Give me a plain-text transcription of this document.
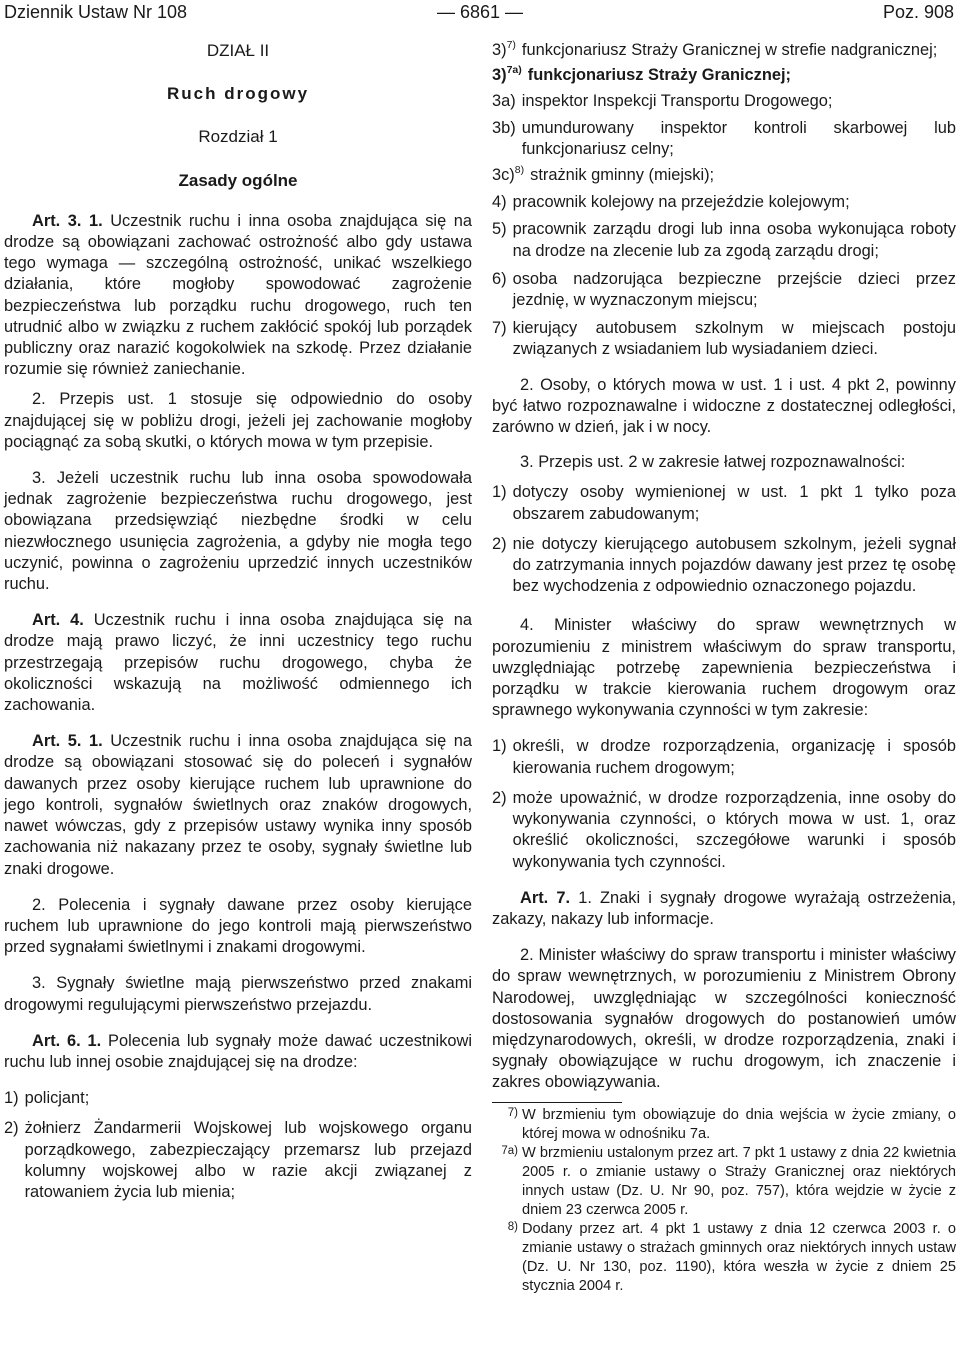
Dziennik Ustaw Nr 108	— 6861 —	Poz. 908

DZIAŁ II

Ruch drogowy

Rozdział 1

Zasady ogólne

Art. 3. 1. Uczestnik ruchu i inna osoba znajdująca się na drodze są obowiązani zachować ostrożność albo gdy ustawa tego wymaga — szczególną ostrożność, unikać wszelkiego działania, które mogłoby spowodować zagrożenie bezpieczeństwa lub porządku ruchu drogowego, ruch ten utrudnić albo w związku z ruchem zakłócić spokój lub porządek publiczny oraz narazić kogokolwiek na szkodę. Przez działanie rozumie się również zaniechanie.

2. Przepis ust. 1 stosuje się odpowiednio do osoby znajdującej się w pobliżu drogi, jeżeli jej zachowanie mogłoby pociągnąć za sobą skutki, o których mowa w tym przepisie.

3. Jeżeli uczestnik ruchu lub inna osoba spowodowała jednak zagrożenie bezpieczeństwa ruchu drogowego, jest obowiązana przedsięwziąć niezbędne środki w celu niezwłocznego usunięcia zagrożenia, a gdyby nie mogła tego uczynić, powinna o zagrożeniu uprzedzić innych uczestników ruchu.

Art. 4. Uczestnik ruchu i inna osoba znajdująca się na drodze mają prawo liczyć, że inni uczestnicy tego ruchu przestrzegają przepisów ruchu drogowego, chyba że okoliczności wskazują na możliwość odmiennego ich zachowania.

Art. 5. 1. Uczestnik ruchu i inna osoba znajdująca się na drodze są obowiązani stosować się do poleceń i sygnałów dawanych przez osoby kierujące ruchem lub uprawnione do jego kontroli, sygnałów świetlnych oraz znaków drogowych, nawet wówczas, gdy z przepisów ustawy wynika inny sposób zachowania niż nakazany przez te osoby, sygnały świetlne lub znaki drogowe.

2. Polecenia i sygnały dawane przez osoby kierujące ruchem lub uprawnione do jego kontroli mają pierwszeństwo przed sygnałami świetlnymi i znakami drogowymi.

3. Sygnały świetlne mają pierwszeństwo przed znakami drogowymi regulującymi pierwszeństwo przejazdu.

Art. 6. 1. Polecenia lub sygnały może dawać uczestnikowi ruchu lub innej osobie znajdującej się na drodze:

1) policjant;
2) żołnierz Żandarmerii Wojskowej lub wojskowego organu porządkowego, zabezpieczający przemarsz lub przejazd kolumny wojskowej albo w razie akcji związanej z ratowaniem życia lub mienia;
3)$^{7)}$ funkcjonariusz Straży Granicznej w strefie nadgranicznej;
3)$^{7a)}$ funkcjonariusz Straży Granicznej;
3a) inspektor Inspekcji Transportu Drogowego;
3b) umundurowany inspektor kontroli skarbowej lub funkcjonariusz celny;
3c)$^{8)}$ strażnik gminny (miejski);
4) pracownik kolejowy na przejeździe kolejowym;
5) pracownik zarządu drogi lub inna osoba wykonująca roboty na drodze na zlecenie lub za zgodą zarządu drogi;
6) osoba nadzorująca bezpieczne przejście dzieci przez jezdnię, w wyznaczonym miejscu;
7) kierujący autobusem szkolnym w miejscach postoju związanych z wsiadaniem lub wysiadaniem dzieci.

2. Osoby, o których mowa w ust. 1 i ust. 4 pkt 2, powinny być łatwo rozpoznawalne i widoczne z dostatecznej odległości, zarówno w dzień, jak i w nocy.

3. Przepis ust. 2 w zakresie łatwej rozpoznawalności:

1) dotyczy osoby wymienionej w ust. 1 pkt 1 tylko poza obszarem zabudowanym;
2) nie dotyczy kierującego autobusem szkolnym, jeżeli sygnał do zatrzymania innych pojazdów dawany jest przez tę osobę bez wychodzenia z odpowiednio oznaczonego pojazdu.

4. Minister właściwy do spraw wewnętrznych w porozumieniu z ministrem właściwym do spraw transportu, uwzględniając potrzebę zapewnienia bezpieczeństwa i porządku w trakcie kierowania ruchem drogowym oraz sprawnego wykonywania czynności w tym zakresie:

1) określi, w drodze rozporządzenia, organizację i sposób kierowania ruchem drogowym;
2) może upoważnić, w drodze rozporządzenia, inne osoby do wykonywania czynności, o których mowa w ust. 1, oraz określić okoliczności, szczegółowe warunki i sposób wykonywania tych czynności.

Art. 7. 1. Znaki i sygnały drogowe wyrażają ostrzeżenia, zakazy, nakazy lub informacje.

2. Minister właściwy do spraw transportu i minister właściwy do spraw wewnętrznych, w porozumieniu z Ministrem Obrony Narodowej, uwzględniając w szczególności konieczność dostosowania sygnałów drogowych do postanowień umów międzynarodowych, określi, w drodze rozporządzenia, znaki i sygnały obowiązujące w ruchu drogowym, ich znaczenie i zakres obowiązywania.

7) W brzmieniu tym obowiązuje do dnia wejścia w życie zmiany, o której mowa w odnośniku 7a.
7a) W brzmieniu ustalonym przez art. 7 pkt 1 ustawy z dnia 22 kwietnia 2005 r. o zmianie ustawy o Straży Granicznej oraz niektórych innych ustaw (Dz. U. Nr 90, poz. 757), która wejdzie w życie z dniem 23 czerwca 2005 r.
8) Dodany przez art. 4 pkt 1 ustawy z dnia 12 czerwca 2003 r. o zmianie ustawy o strażach gminnych oraz niektórych innych ustaw (Dz. U. Nr 130, poz. 1190), która weszła w życie z dniem 25 stycznia 2004 r.
